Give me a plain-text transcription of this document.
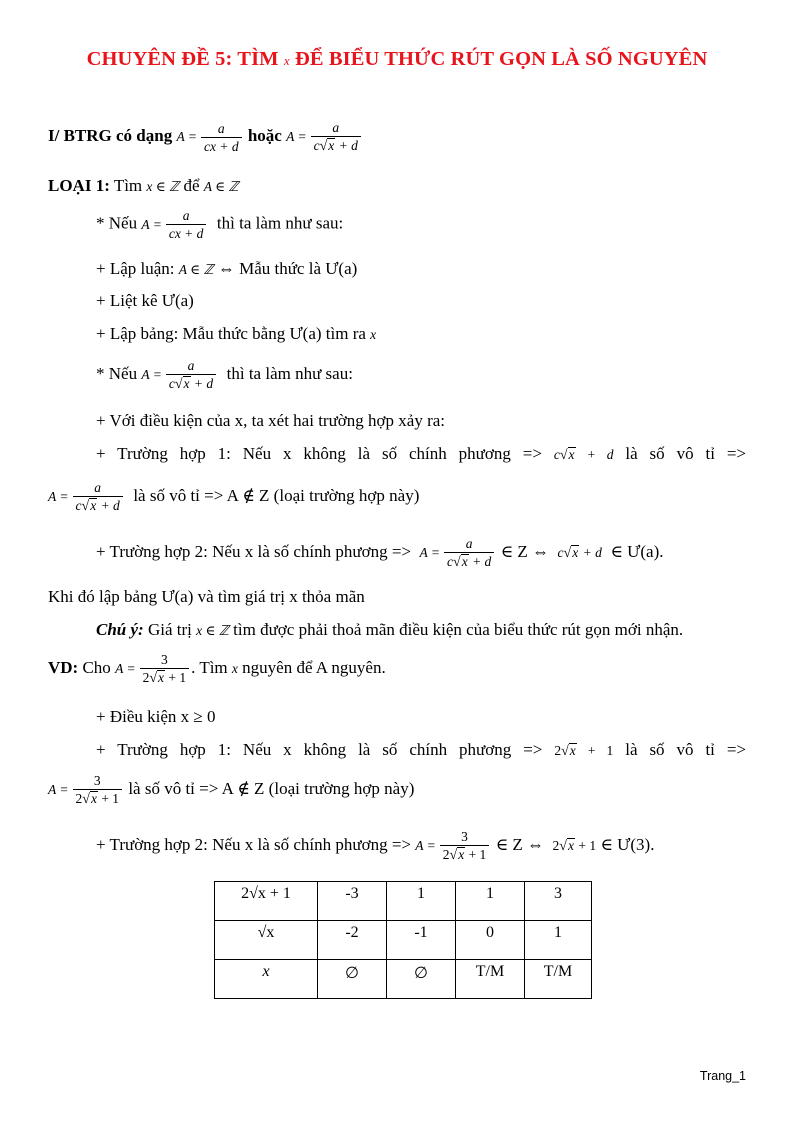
CHUYÊN ĐỀ 5: TÌM x ĐỂ BIỂU THỨC RÚT GỌN LÀ SỐ NGUYÊN
I/ BTRG có dạng $A = \frac{a}{cx + d}$ hoặc $A = \frac{a}{c√x + d}$
LOẠI 1: Tìm x ∈ ℤ để A ∈ ℤ
* Nếu $A = \frac{a}{cx + d}$ thì ta làm như sau:
+ Lập luận: A ∈ ℤ ⇔ Mẫu thức là Ư(a)
+ Liệt kê Ư(a)
+ Lập bảng: Mẫu thức bằng Ư(a) tìm ra x
* Nếu $A = \frac{a}{c√x + d}$ thì ta làm như sau:
+ Với điều kiện của x, ta xét hai trường hợp xảy ra:
+ Trường hợp 1: Nếu x không là số chính phương => c√x + d là số vô tỉ =>
$A = \frac{a}{c√x + d}$ là số vô tỉ => A ∉ Z (loại trường hợp này)
+ Trường hợp 2: Nếu x là số chính phương => $A = \frac{a}{c√x + d}$ ∈ Z ⇔ c√x + d ∈ Ư(a).
Khi đó lập bảng Ư(a) và tìm giá trị x thỏa mãn
Chú ý: Giá trị x ∈ ℤ tìm được phải thoả mãn điều kiện của biểu thức rút gọn mới nhận.
VD: Cho $A = \frac{3}{2√x + 1}$ . Tìm x nguyên để A nguyên.
+ Điều kiện x ≥ 0
+ Trường hợp 1: Nếu x không là số chính phương => 2√x + 1 là số vô tỉ =>
$A = \frac{3}{2√x + 1}$ là số vô tỉ => A ∉ Z (loại trường hợp này)
+ Trường hợp 2: Nếu x là số chính phương => $A = \frac{3}{2√x + 1}$ ∈ Z ⇔ 2√x + 1 ∈ Ư(3).
2√x + 1	-3	1	1	3
√x	-2	-1	0	1
x	∅	∅	T/M	T/M
Trang_1
